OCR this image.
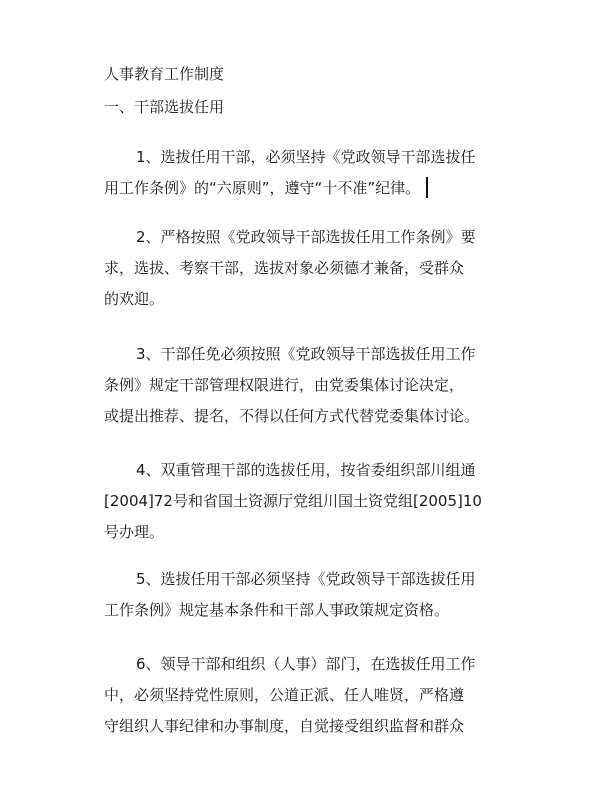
人事教育工作制度
一、干部选拔任用

1、选拔任用干部，必须坚持《党政领导干部选拔任
用工作条例》的“六原则”，遵守“十不准”纪律。

2、严格按照《党政领导干部选拔任用工作条例》要
求，选拔、考察干部，选拔对象必须德才兼备，受群众
的欢迎。

3、干部任免必须按照《党政领导干部选拔任用工作
条例》规定干部管理权限进行，由党委集体讨论决定，
或提出推荐、提名，不得以任何方式代替党委集体讨论。

4、双重管理干部的选拔任用，按省委组织部川组通
[2004]72号和省国土资源厅党组川国土资党组[2005]10
号办理。

5、选拔任用干部必须坚持《党政领导干部选拔任用
工作条例》规定基本条件和干部人事政策规定资格。

6、领导干部和组织（人事）部门，在选拔任用工作
中，必须坚持党性原则，公道正派、任人唯贤，严格遵
守组织人事纪律和办事制度，自觉接受组织监督和群众
